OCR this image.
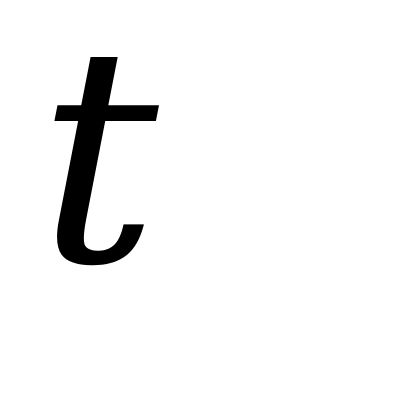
t
